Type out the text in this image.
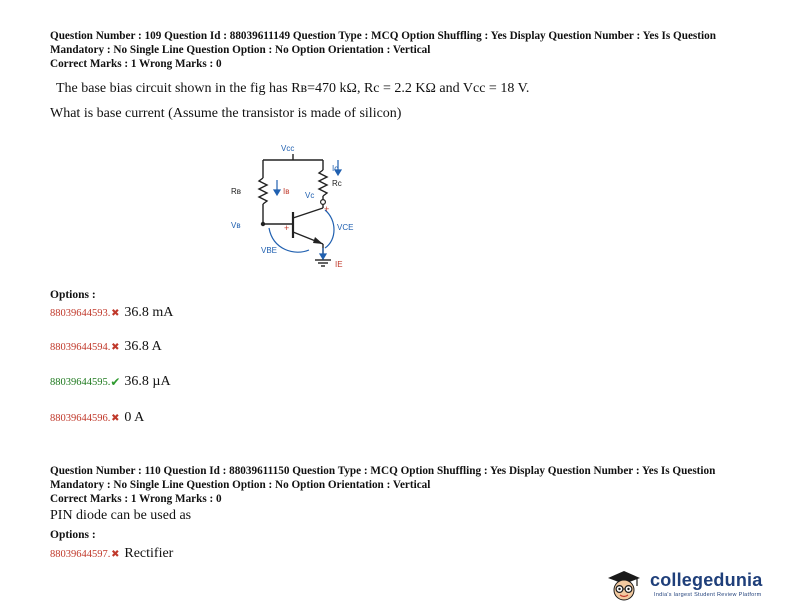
Question Number : 109 Question Id : 88039611149 Question Type : MCQ Option Shuffling : Yes Display Question Number : Yes Is Question
Mandatory : No Single Line Question Option : No Option Orientation : Vertical
Correct Marks : 1 Wrong Marks : 0
The base bias circuit shown in the fig has Rʙ=470 kΩ, Rc = 2.2 KΩ and Vcc = 18 V.
What is base current (Assume the transistor is made of silicon)
+
+
Vcc
Ic
Rc
Rʙ	Iʙ Vc
Vʙ	VCE
VBE
IE
Options :
88039644593. ✖ 36.8 mA
88039644594. ✖ 36.8 A
88039644595. ✔ 36.8 µA
88039644596. ✖ 0 A
Question Number : 110 Question Id : 88039611150 Question Type : MCQ Option Shuffling : Yes Display Question Number : Yes Is Question
Mandatory : No Single Line Question Option : No Option Orientation : Vertical
Correct Marks : 1 Wrong Marks : 0
PIN diode can be used as
Options :
88039644597. ✖ Rectifier
collegedunia
India's largest Student Review Platform
